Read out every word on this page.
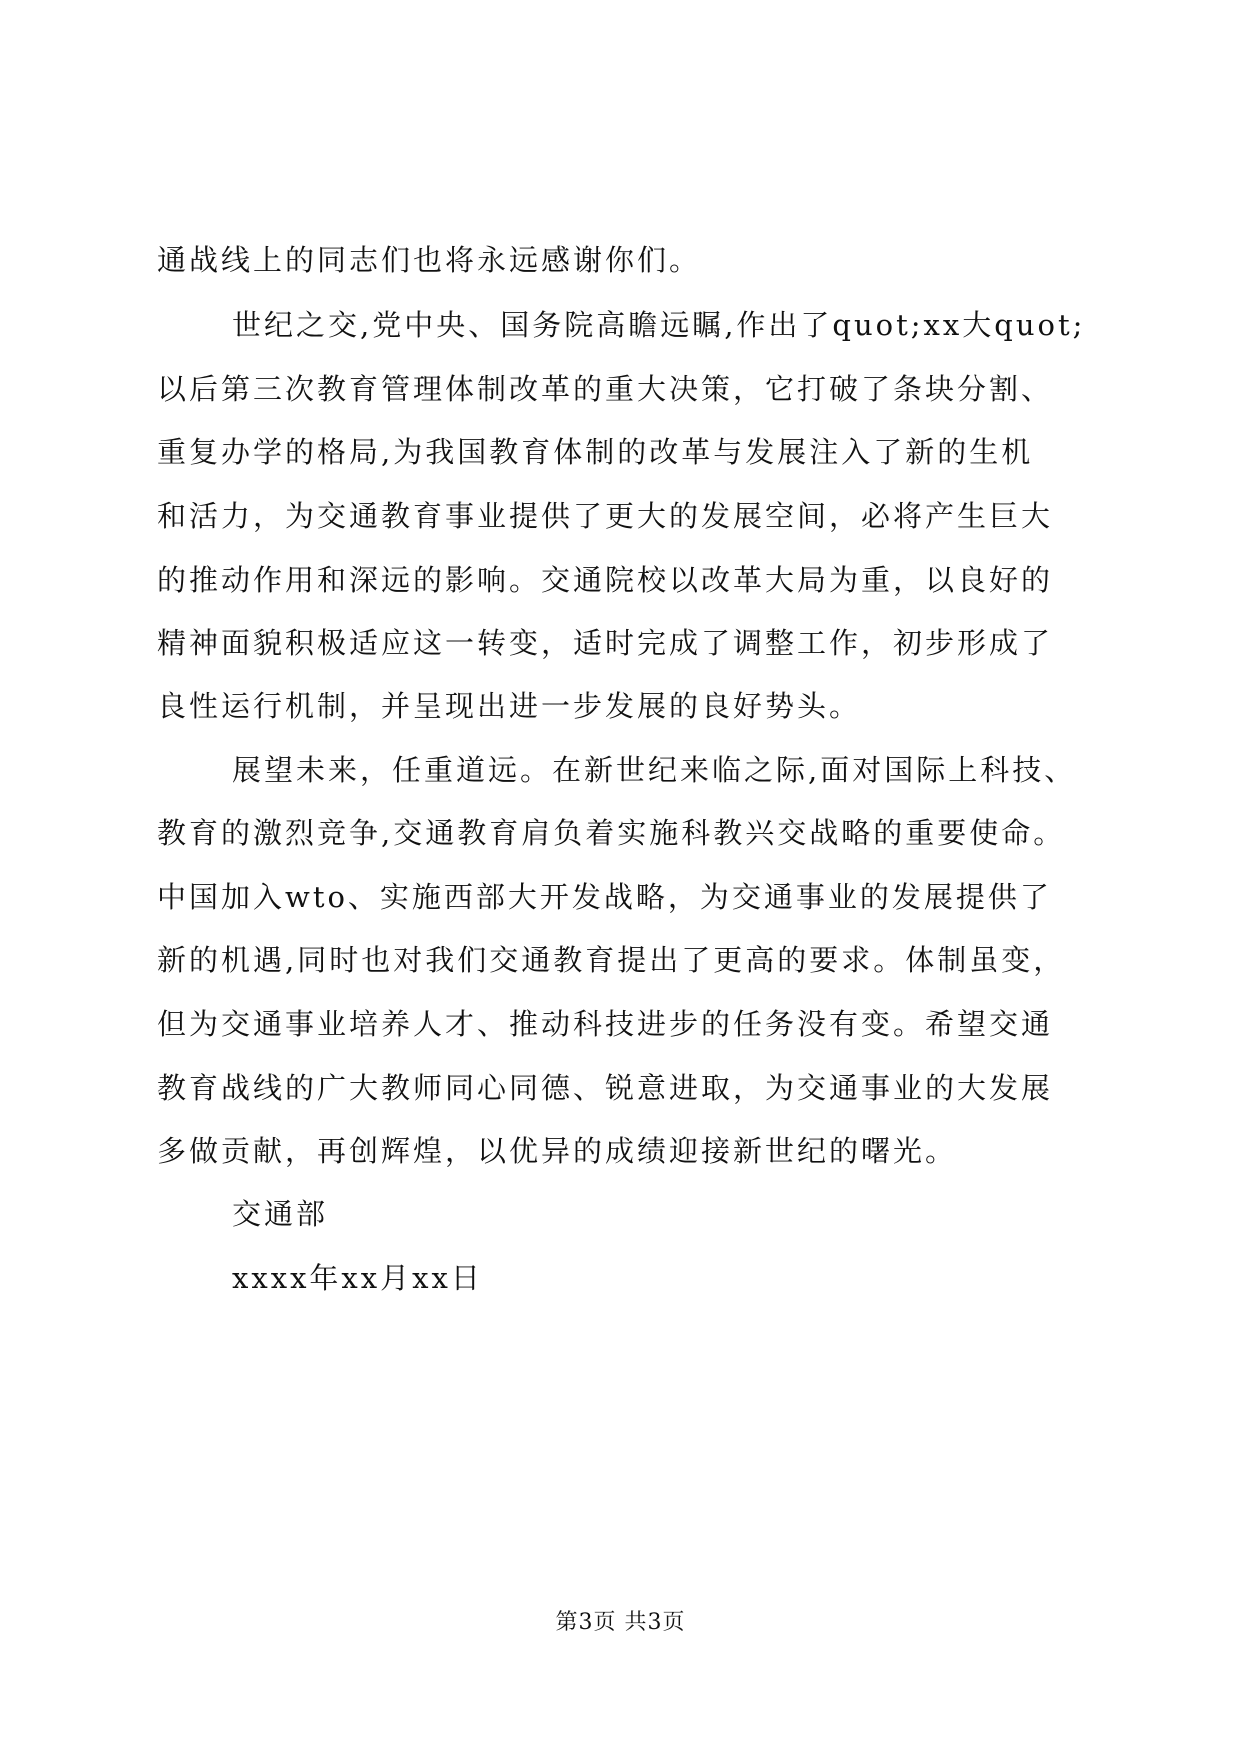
通战线上的同志们也将永远感谢你们。
世纪之交,党中央、国务院高瞻远瞩,作出了quot;xx大quot;
以后第三次教育管理体制改革的重大决策，它打破了条块分割、
重复办学的格局,为我国教育体制的改革与发展注入了新的生机
和活力，为交通教育事业提供了更大的发展空间，必将产生巨大
的推动作用和深远的影响。交通院校以改革大局为重，以良好的
精神面貌积极适应这一转变，适时完成了调整工作，初步形成了
良性运行机制，并呈现出进一步发展的良好势头。
展望未来，任重道远。在新世纪来临之际,面对国际上科技、
教育的激烈竞争,交通教育肩负着实施科教兴交战略的重要使命。
中国加入wto、实施西部大开发战略，为交通事业的发展提供了
新的机遇,同时也对我们交通教育提出了更高的要求。体制虽变，
但为交通事业培养人才、推动科技进步的任务没有变。希望交通
教育战线的广大教师同心同德、锐意进取，为交通事业的大发展
多做贡献，再创辉煌，以优异的成绩迎接新世纪的曙光。
交通部
xxxx年xx月xx日
第3页 共3页
